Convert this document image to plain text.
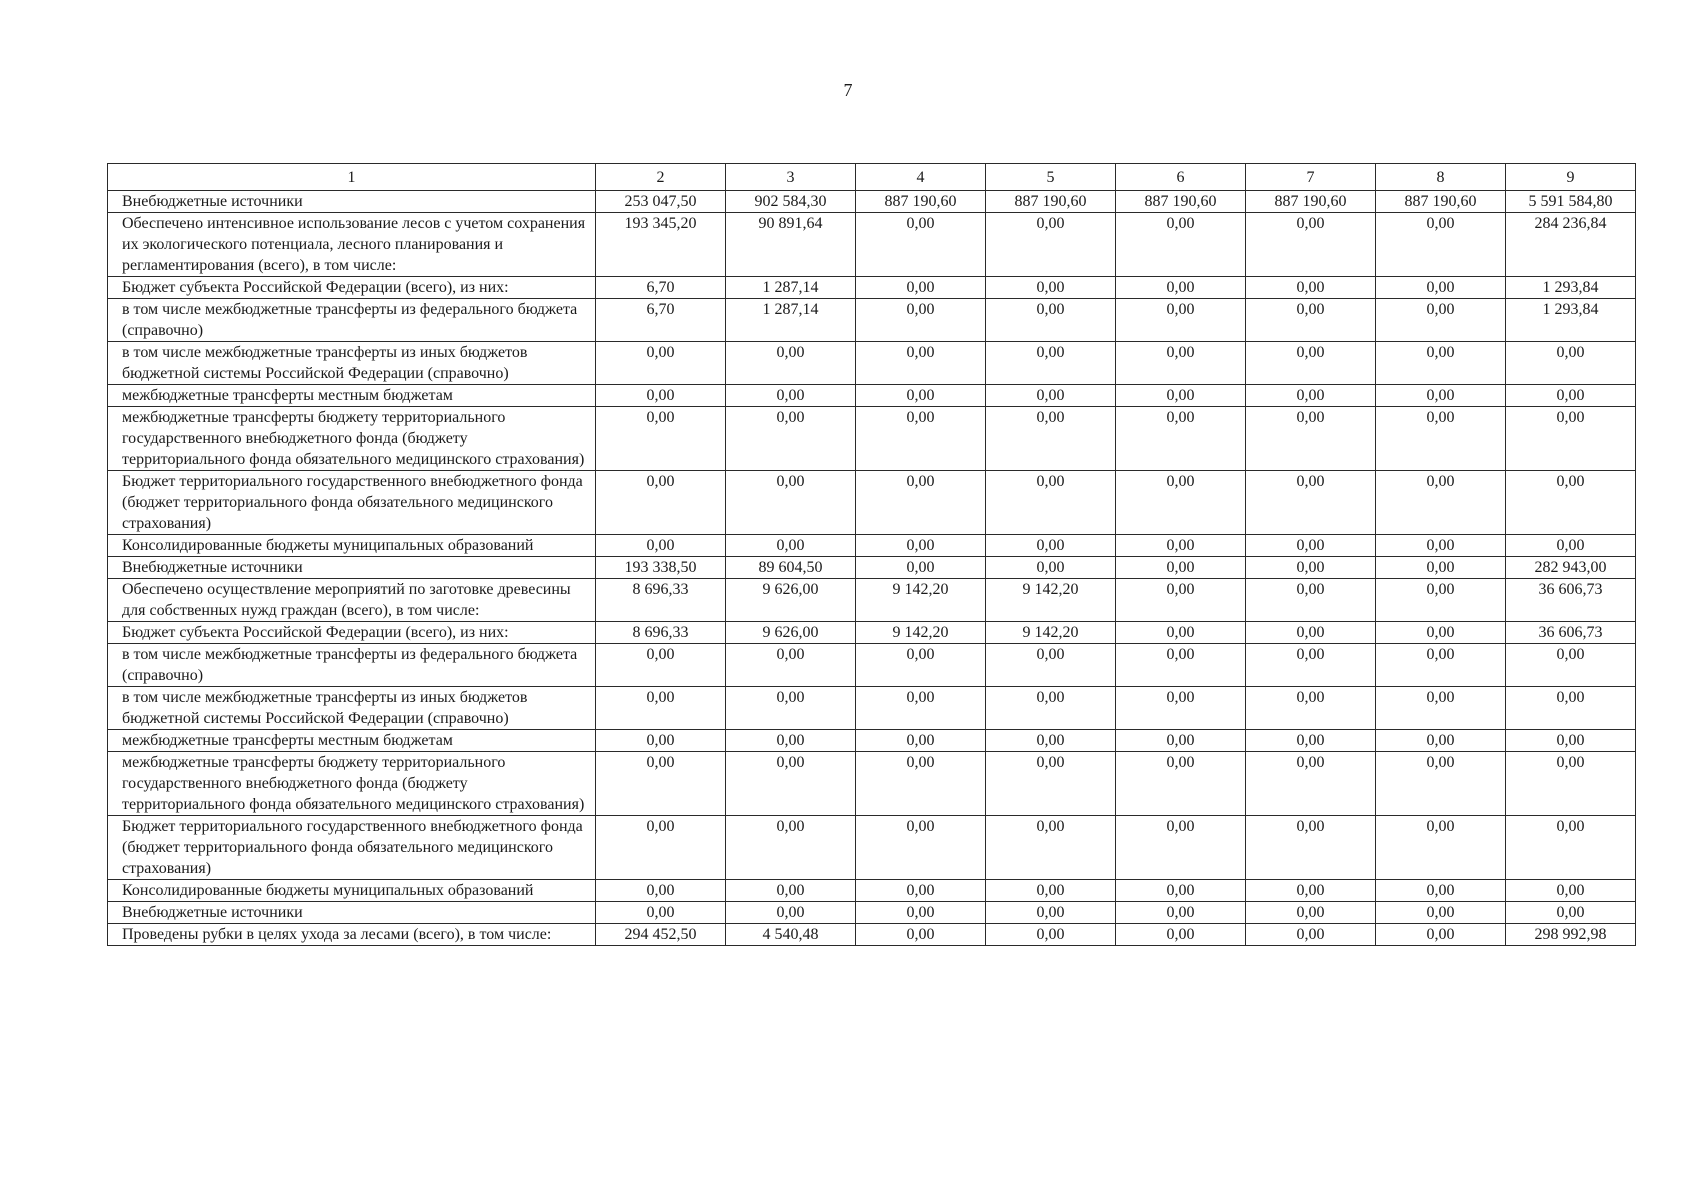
7
1	2	3	4	5	6	7	8	9
Внебюджетные источники	253 047,50	902 584,30	887 190,60	887 190,60	887 190,60	887 190,60	887 190,60	5 591 584,80
Обеспечено интенсивное использование лесов с учетом сохранения их экологического потенциала, лесного планирования и регламентирования (всего), в том числе:	193 345,20	90 891,64	0,00	0,00	0,00	0,00	0,00	284 236,84
Бюджет субъекта Российской Федерации (всего), из них:	6,70	1 287,14	0,00	0,00	0,00	0,00	0,00	1 293,84
в том числе межбюджетные трансферты из федерального бюджета (справочно)	6,70	1 287,14	0,00	0,00	0,00	0,00	0,00	1 293,84
в том числе межбюджетные трансферты из иных бюджетов бюджетной системы Российской Федерации (справочно)	0,00	0,00	0,00	0,00	0,00	0,00	0,00	0,00
межбюджетные трансферты местным бюджетам	0,00	0,00	0,00	0,00	0,00	0,00	0,00	0,00
межбюджетные трансферты бюджету территориального государственного внебюджетного фонда (бюджету территориального фонда обязательного медицинского страхования)	0,00	0,00	0,00	0,00	0,00	0,00	0,00	0,00
Бюджет территориального государственного внебюджетного фонда (бюджет территориального фонда обязательного медицинского страхования)	0,00	0,00	0,00	0,00	0,00	0,00	0,00	0,00
Консолидированные бюджеты муниципальных образований	0,00	0,00	0,00	0,00	0,00	0,00	0,00	0,00
Внебюджетные источники	193 338,50	89 604,50	0,00	0,00	0,00	0,00	0,00	282 943,00
Обеспечено осуществление мероприятий по заготовке древесины для собственных нужд граждан (всего), в том числе:	8 696,33	9 626,00	9 142,20	9 142,20	0,00	0,00	0,00	36 606,73
Бюджет субъекта Российской Федерации (всего), из них:	8 696,33	9 626,00	9 142,20	9 142,20	0,00	0,00	0,00	36 606,73
в том числе межбюджетные трансферты из федерального бюджета (справочно)	0,00	0,00	0,00	0,00	0,00	0,00	0,00	0,00
в том числе межбюджетные трансферты из иных бюджетов бюджетной системы Российской Федерации (справочно)	0,00	0,00	0,00	0,00	0,00	0,00	0,00	0,00
межбюджетные трансферты местным бюджетам	0,00	0,00	0,00	0,00	0,00	0,00	0,00	0,00
межбюджетные трансферты бюджету территориального государственного внебюджетного фонда (бюджету территориального фонда обязательного медицинского страхования)	0,00	0,00	0,00	0,00	0,00	0,00	0,00	0,00
Бюджет территориального государственного внебюджетного фонда (бюджет территориального фонда обязательного медицинского страхования)	0,00	0,00	0,00	0,00	0,00	0,00	0,00	0,00
Консолидированные бюджеты муниципальных образований	0,00	0,00	0,00	0,00	0,00	0,00	0,00	0,00
Внебюджетные источники	0,00	0,00	0,00	0,00	0,00	0,00	0,00	0,00
Проведены рубки в целях ухода за лесами (всего), в том числе:	294 452,50	4 540,48	0,00	0,00	0,00	0,00	0,00	298 992,98
